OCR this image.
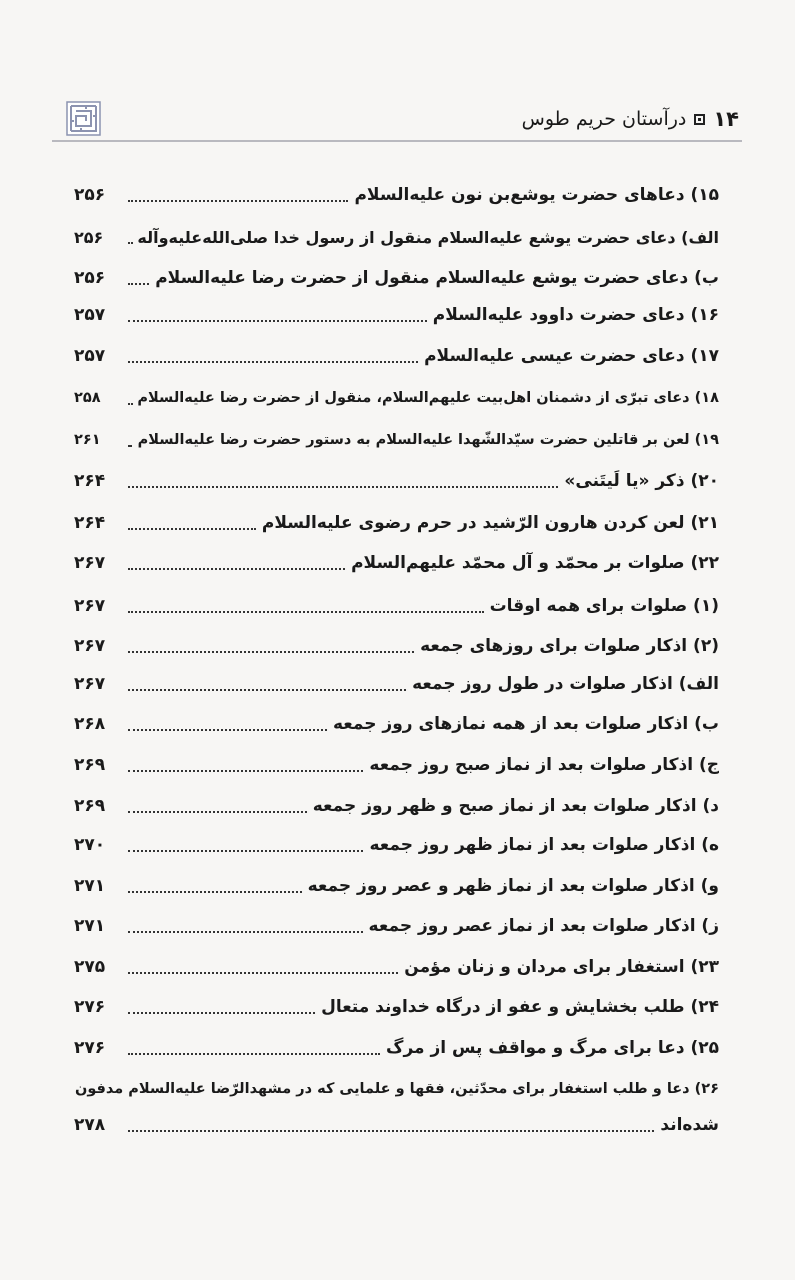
۱۴
درآستان حریم طوس
۱۵) دعاهای حضرت یوشع‌بن نون علیه‌السلام
۲۵۶
الف) دعای حضرت یوشع علیه‌السلام منقول از رسول خدا صلی‌الله‌علیه‌وآله
۲۵۶
ب) دعای حضرت یوشع علیه‌السلام منقول از حضرت رضا علیه‌السلام
۲۵۶
۱۶) دعای حضرت داوود علیه‌السلام
۲۵۷
۱۷) دعای حضرت عیسی علیه‌السلام
۲۵۷
۱۸) دعای تبرّی از دشمنان اهل‌بیت علیهم‌السلام، منقول از حضرت رضا علیه‌السلام
۲۵۸
۱۹) لعن بر قاتلین حضرت سیّدالشّهدا علیه‌السلام به دستور حضرت رضا علیه‌السلام
۲۶۱
۲۰) ذکر «یا لَیتَنی»
۲۶۴
۲۱) لعن کردن هارون الرّشید در حرم رضوی علیه‌السلام
۲۶۴
۲۲) صلوات بر محمّد و آل محمّد علیهم‌السلام
۲۶۷
(۱) صلوات برای همه اوقات
۲۶۷
(۲) اذکار صلوات برای روزهای جمعه
۲۶۷
الف) اذکار صلوات در طول روز جمعه
۲۶۷
ب) اذکار صلوات بعد از همه نمازهای روز جمعه
۲۶۸
ج) اذکار صلوات بعد از نماز صبح روز جمعه
۲۶۹
د) اذکار صلوات بعد از نماز صبح و ظهر روز جمعه
۲۶۹
ه) اذکار صلوات بعد از نماز ظهر روز جمعه
۲۷۰
و) اذکار صلوات بعد از نماز ظهر و عصر روز جمعه
۲۷۱
ز) اذکار صلوات بعد از نماز عصر روز جمعه
۲۷۱
۲۳) استغفار برای مردان و زنان مؤمن
۲۷۵
۲۴) طلب بخشایش و عفو از درگاه خداوند متعال
۲۷۶
۲۵) دعا برای مرگ و مواقف پس از مرگ
۲۷۶
۲۶) دعا و طلب استغفار برای محدّثین، فقها و علمایی که در مشهدالرّضا علیه‌السلام مدفون
شده‌اند
۲۷۸
